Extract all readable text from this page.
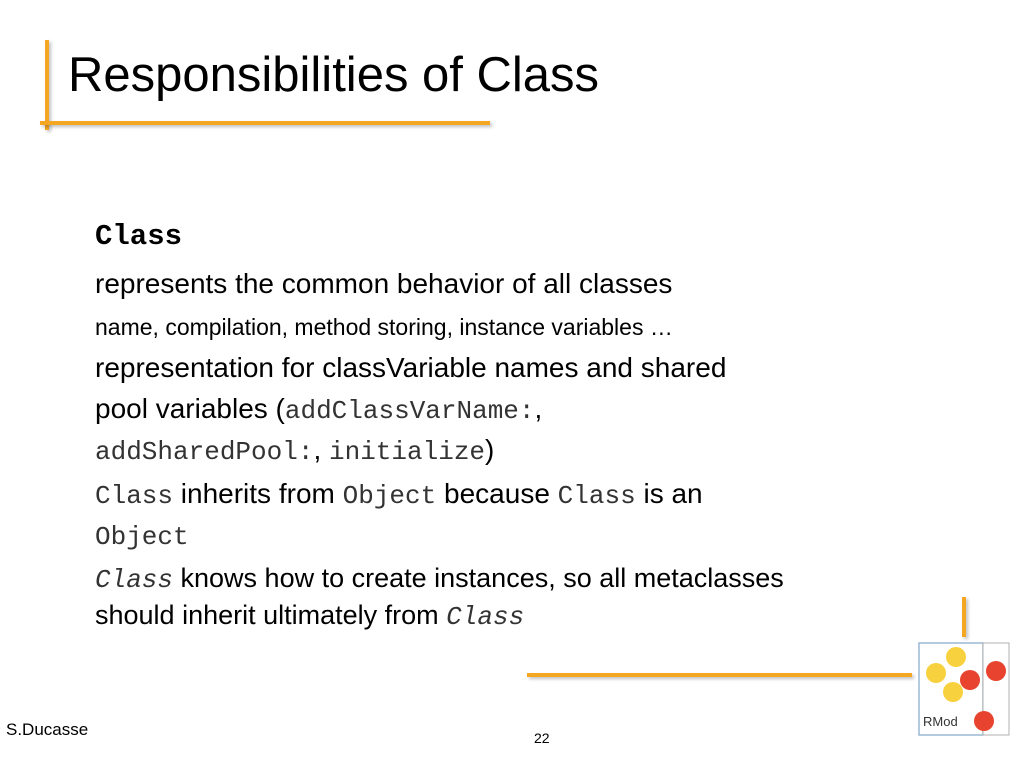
Responsibilities of Class
Class
represents the common behavior of all classes
name, compilation, method storing, instance variables …
representation for classVariable names and shared
pool variables (addClassVarName:,
addSharedPool:, initialize)
Class inherits from Object because Class is an
Object
Class knows how to create instances, so all metaclasses
should inherit ultimately from Class
S.Ducasse	22
RMod
